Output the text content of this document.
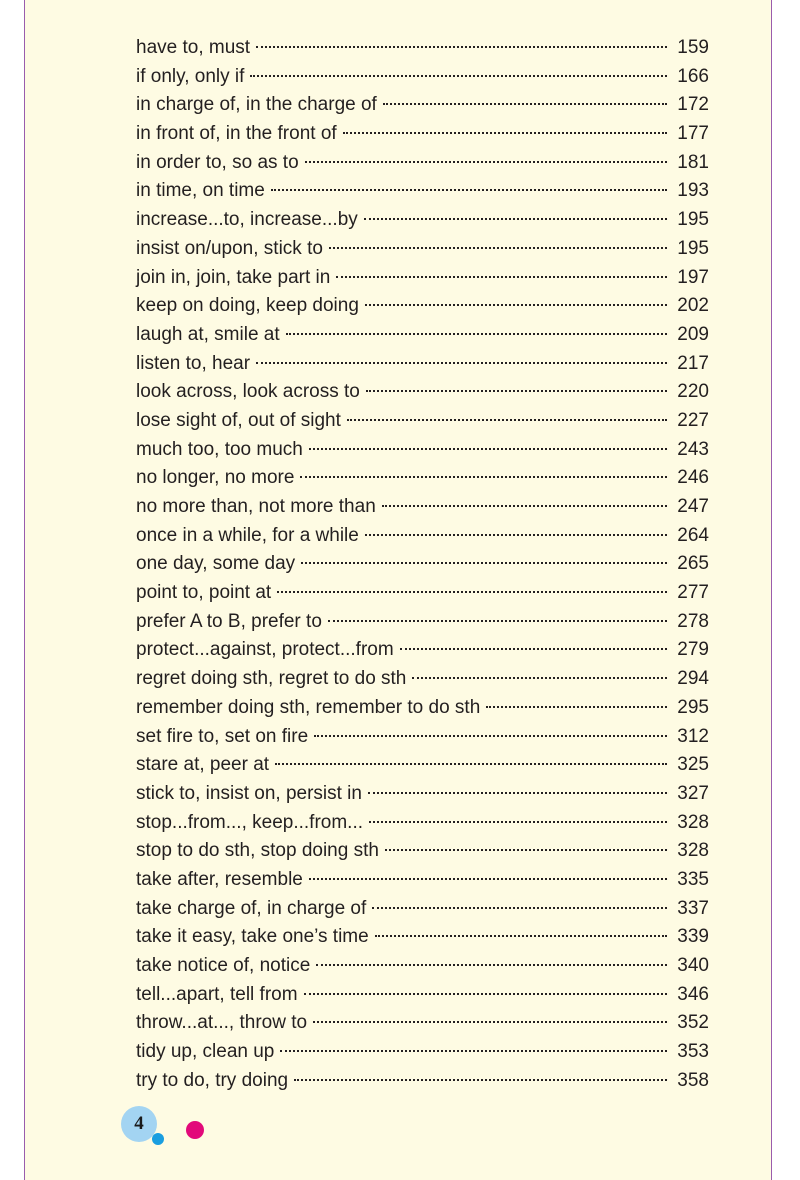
have to, must	159
if only, only if	166
in charge of, in the charge of	172
in front of, in the front of	177
in order to, so as to	181
in time, on time	193
increase...to, increase...by	195
insist on/upon, stick to	195
join in, join, take part in	197
keep on doing, keep doing	202
laugh at, smile at	209
listen to, hear	217
look across, look across to	220
lose sight of, out of sight	227
much too, too much	243
no longer, no more	246
no more than, not more than	247
once in a while, for a while	264
one day, some day	265
point to, point at	277
prefer A to B, prefer to	278
protect...against, protect...from	279
regret doing sth, regret to do sth	294
remember doing sth, remember to do sth	295
set fire to, set on fire	312
stare at, peer at	325
stick to, insist on, persist in	327
stop...from..., keep...from...	328
stop to do sth, stop doing sth	328
take after, resemble	335
take charge of, in charge of	337
take it easy, take one’s time	339
take notice of, notice	340
tell...apart, tell from	346
throw...at..., throw to	352
tidy up, clean up	353
try to do, try doing	358
4
